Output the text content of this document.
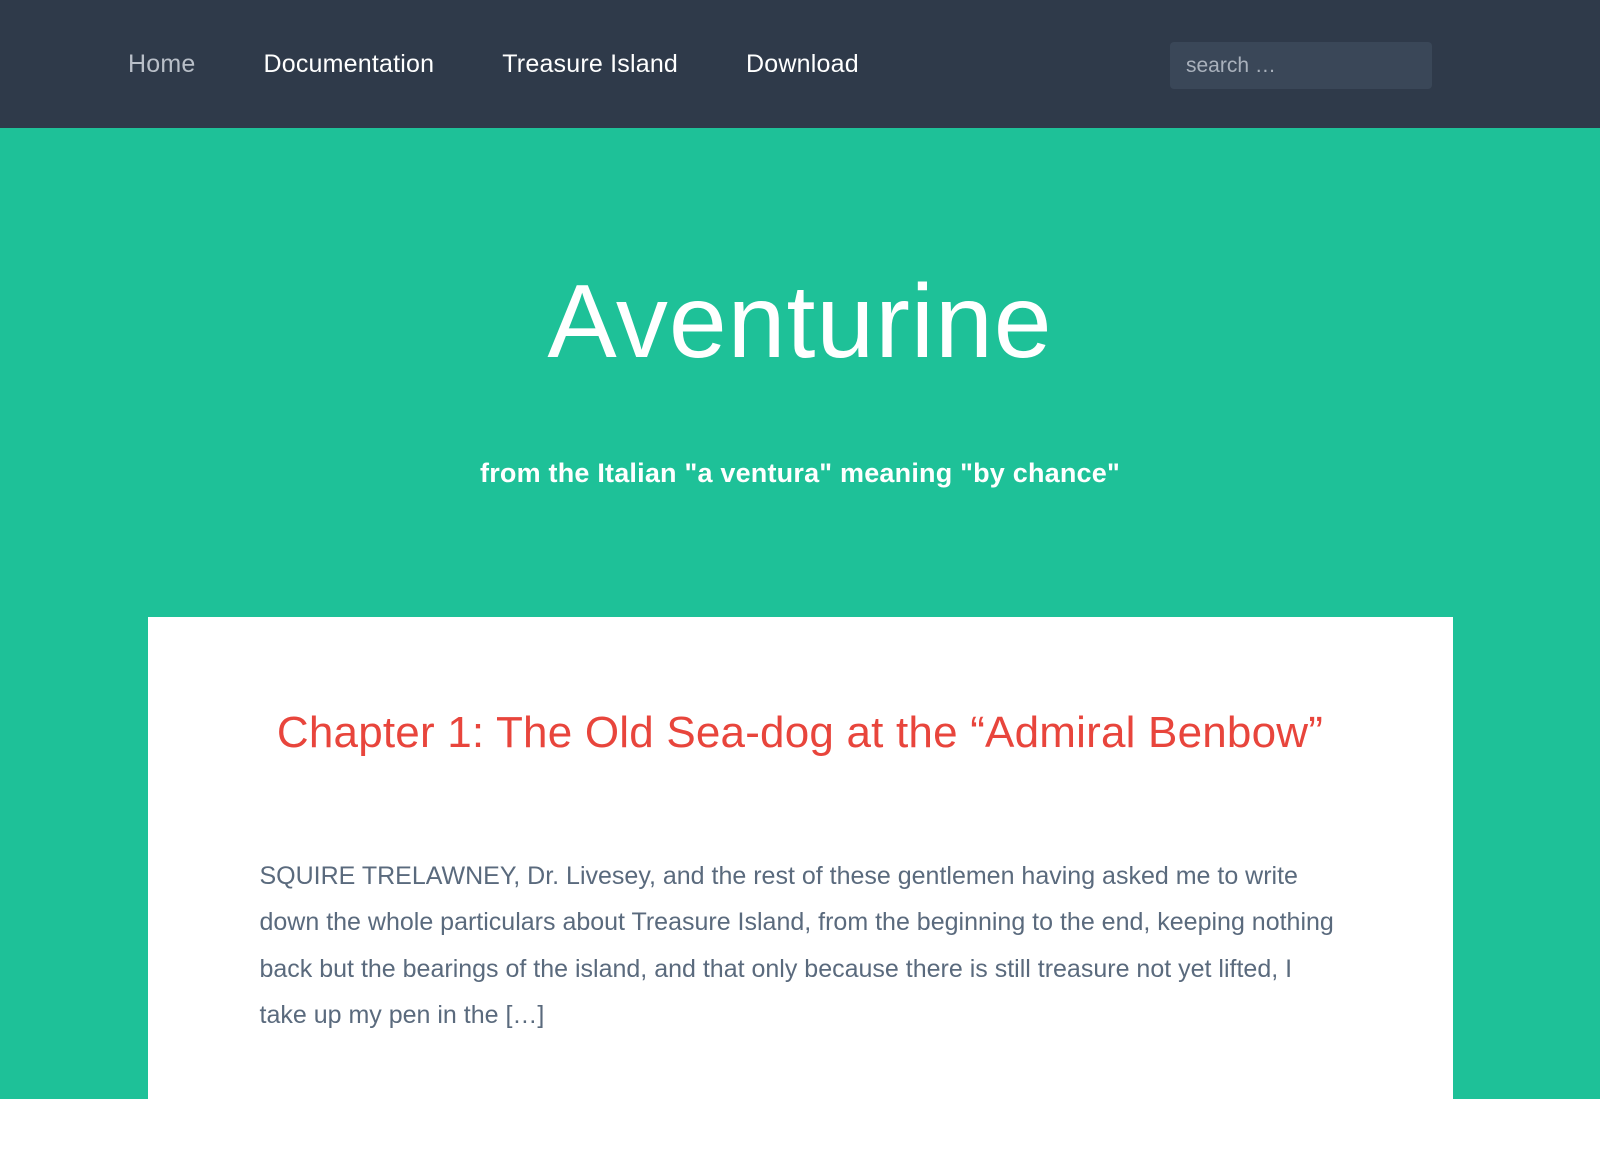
Home	Documentation	Treasure Island	Download
search …
Aventurine

from the Italian "a ventura" meaning "by chance"

Chapter 1: The Old Sea-dog at the “Admiral Benbow”

SQUIRE TRELAWNEY, Dr. Livesey, and the rest of these gentlemen having asked me to write down the whole particulars about Treasure Island, from the beginning to the end, keeping nothing back but the bearings of the island, and that only because there is still treasure not yet lifted, I take up my pen in the […]
